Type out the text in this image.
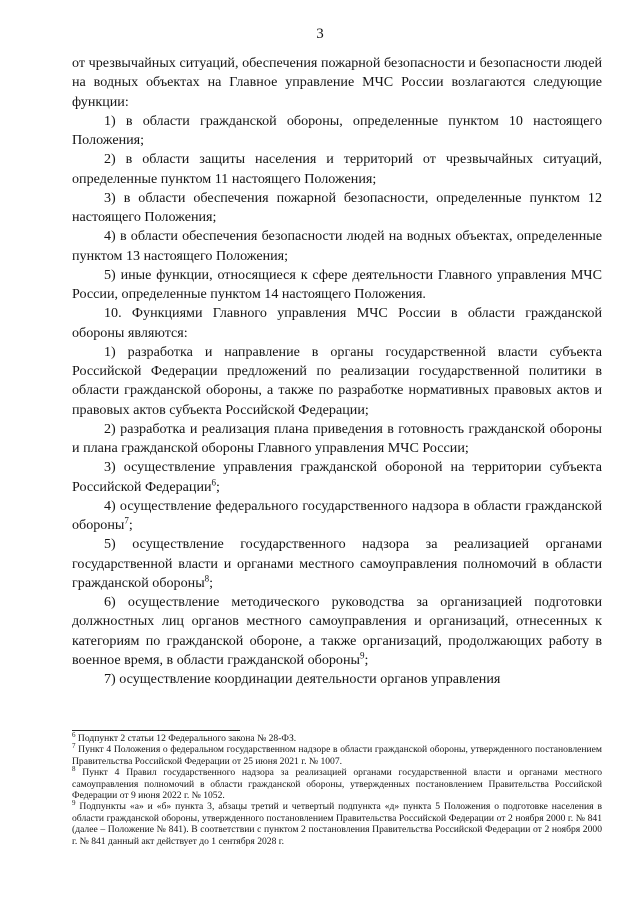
3

от чрезвычайных ситуаций, обеспечения пожарной безопасности и безопасности людей на водных объектах на Главное управление МЧС России возлагаются следующие функции:

1) в области гражданской обороны, определенные пунктом 10 настоящего Положения;

2) в области защиты населения и территорий от чрезвычайных ситуаций, определенные пунктом 11 настоящего Положения;

3) в области обеспечения пожарной безопасности, определенные пунктом 12 настоящего Положения;

4) в области обеспечения безопасности людей на водных объектах, определенные пунктом 13 настоящего Положения;

5) иные функции, относящиеся к сфере деятельности Главного управления МЧС России, определенные пунктом 14 настоящего Положения.

10. Функциями Главного управления МЧС России в области гражданской обороны являются:

1) разработка и направление в органы государственной власти субъекта Российской Федерации предложений по реализации государственной политики в области гражданской обороны, а также по разработке нормативных правовых актов и правовых актов субъекта Российской Федерации;

2) разработка и реализация плана приведения в готовность гражданской обороны и плана гражданской обороны Главного управления МЧС России;

3) осуществление управления гражданской обороной на территории субъекта Российской Федерации$^6$;

4) осуществление федерального государственного надзора в области гражданской обороны$^7$;

5) осуществление государственного надзора за реализацией органами государственной власти и органами местного самоуправления полномочий в области гражданской обороны$^8$;

6) осуществление методического руководства за организацией подготовки должностных лиц органов местного самоуправления и организаций, отнесенных к категориям по гражданской обороне, а также организаций, продолжающих работу в военное время, в области гражданской обороны$^9$;

7) осуществление координации деятельности органов управления

$^6$ Подпункт 2 статьи 12 Федерального закона № 28-ФЗ.

$^7$ Пункт 4 Положения о федеральном государственном надзоре в области гражданской обороны, утвержденного постановлением Правительства Российской Федерации от 25 июня 2021 г. № 1007.

$^8$ Пункт 4 Правил государственного надзора за реализацией органами государственной власти и органами местного самоуправления полномочий в области гражданской обороны, утвержденных постановлением Правительства Российской Федерации от 9 июня 2022 г. № 1052.

$^9$ Подпункты «а» и «б» пункта 3, абзацы третий и четвертый подпункта «д» пункта 5 Положения о подготовке населения в области гражданской обороны, утвержденного постановлением Правительства Российской Федерации от 2 ноября 2000 г. № 841 (далее – Положение № 841). В соответствии с пунктом 2 постановления Правительства Российской Федерации от 2 ноября 2000 г. № 841 данный акт действует до 1 сентября 2028 г.
